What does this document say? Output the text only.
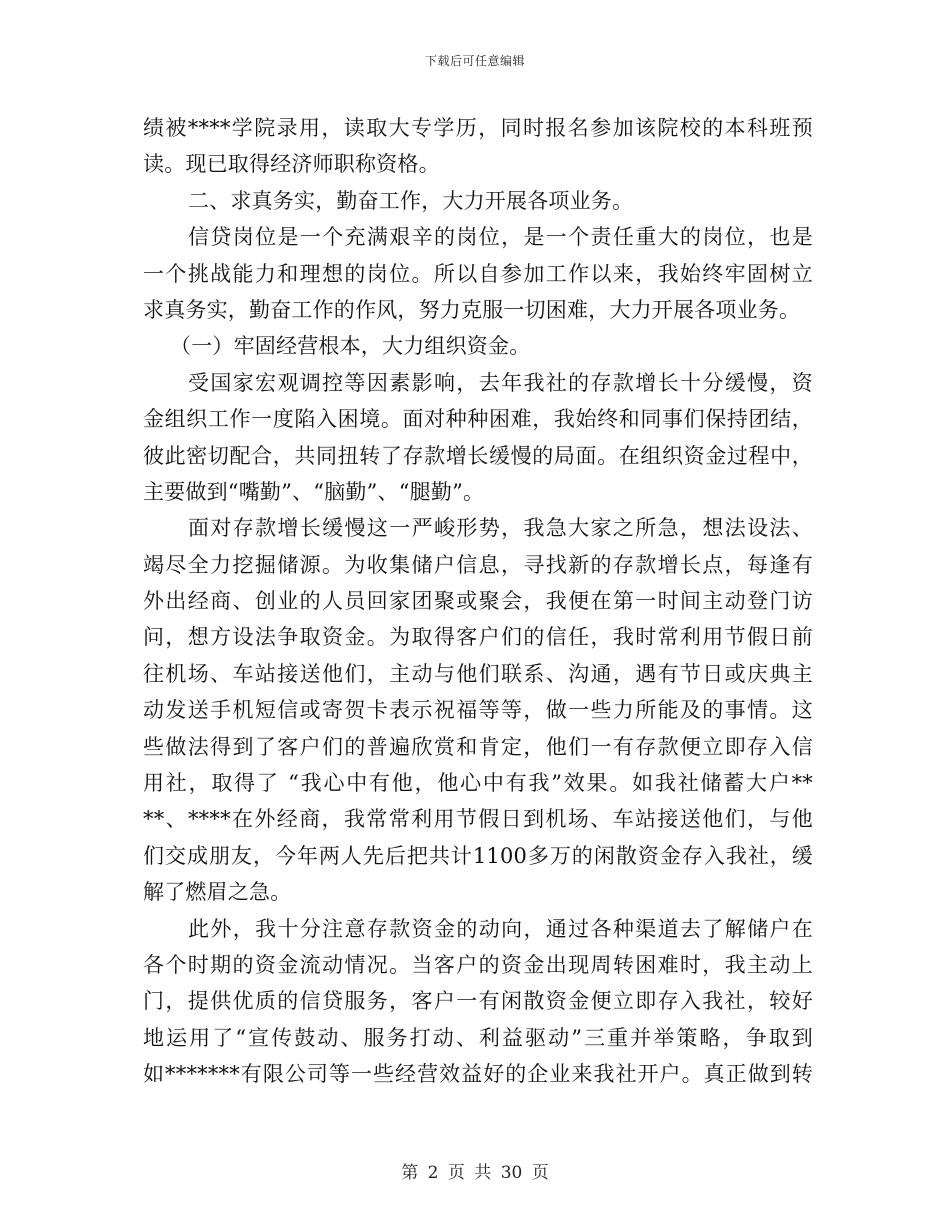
下载后可任意编辑
绩被****学院录用，读取大专学历，同时报名参加该院校的本科班预
读。现已取得经济师职称资格。
二、求真务实，勤奋工作，大力开展各项业务。
信贷岗位是一个充满艰辛的岗位，是一个责任重大的岗位，也是
一个挑战能力和理想的岗位。所以自参加工作以来，我始终牢固树立
求真务实，勤奋工作的作风，努力克服一切困难，大力开展各项业务。
（一）牢固经营根本，大力组织资金。
受国家宏观调控等因素影响，去年我社的存款增长十分缓慢，资
金组织工作一度陷入困境。面对种种困难，我始终和同事们保持团结，
彼此密切配合，共同扭转了存款增长缓慢的局面。在组织资金过程中，
主要做到“嘴勤”、“脑勤”、“腿勤”。
面对存款增长缓慢这一严峻形势，我急大家之所急，想法设法、
竭尽全力挖掘储源。为收集储户信息，寻找新的存款增长点，每逢有
外出经商、创业的人员回家团聚或聚会，我便在第一时间主动登门访
问，想方设法争取资金。为取得客户们的信任，我时常利用节假日前
往机场、车站接送他们，主动与他们联系、沟通，遇有节日或庆典主
动发送手机短信或寄贺卡表示祝福等等，做一些力所能及的事情。这
些做法得到了客户们的普遍欣赏和肯定，他们一有存款便立即存入信
用社，取得了 “我心中有他，他心中有我”效果。如我社储蓄大户**
**、****在外经商，我常常利用节假日到机场、车站接送他们，与他
们交成朋友，今年两人先后把共计1100多万的闲散资金存入我社，缓
解了燃眉之急。
此外，我十分注意存款资金的动向，通过各种渠道去了解储户在
各个时期的资金流动情况。当客户的资金出现周转困难时，我主动上
门，提供优质的信贷服务，客户一有闲散资金便立即存入我社，较好
地运用了“宣传鼓动、服务打动、利益驱动”三重并举策略，争取到
如*******有限公司等一些经营效益好的企业来我社开户。真正做到转
第 2 页 共 30 页
